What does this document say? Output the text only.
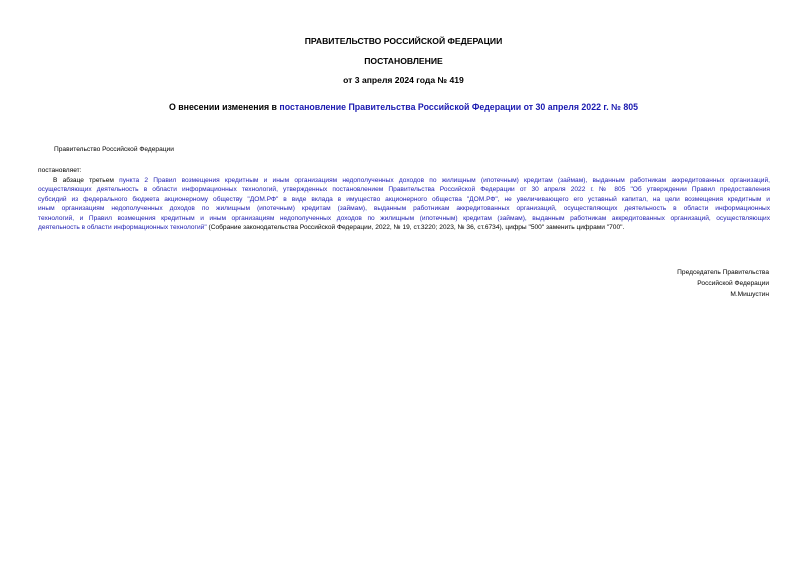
ПРАВИТЕЛЬСТВО РОССИЙСКОЙ ФЕДЕРАЦИИ
ПОСТАНОВЛЕНИЕ
от 3 апреля 2024 года № 419
О внесении изменения в постановление Правительства Российской Федерации от 30 апреля 2022 г. № 805
Правительство Российской Федерации
постановляет:
В абзаце третьем пункта 2 Правил возмещения кредитным и иным организациям недополученных доходов по жилищным (ипотечным) кредитам (займам), выданным работникам аккредитованных организаций,
осуществляющих деятельность в области информационных технологий, утвержденных постановлением Правительства Российской Федерации от 30 апреля 2022 г. № 805 "Об утверждении Правил предоставления
субсидий из федерального бюджета акционерному обществу "ДОМ.РФ" в виде вклада в имущество акционерного общества "ДОМ.РФ", не увеличивающего его уставный капитал, на цели возмещения кредитным и
иным организациям недополученных доходов по жилищным (ипотечным) кредитам (займам), выданным работникам аккредитованных организаций, осуществляющих деятельность в области информационных
технологий, и Правил возмещения кредитным и иным организациям недополученных доходов по жилищным (ипотечным) кредитам (займам), выданным работникам аккредитованных организаций, осуществляющих
деятельность в области информационных технологий" (Собрание законодательства Российской Федерации, 2022, № 19, ст.3220; 2023, № 36, ст.6734), цифры "500" заменить цифрами "700".
Председатель Правительства
Российской Федерации
М.Мишустин
